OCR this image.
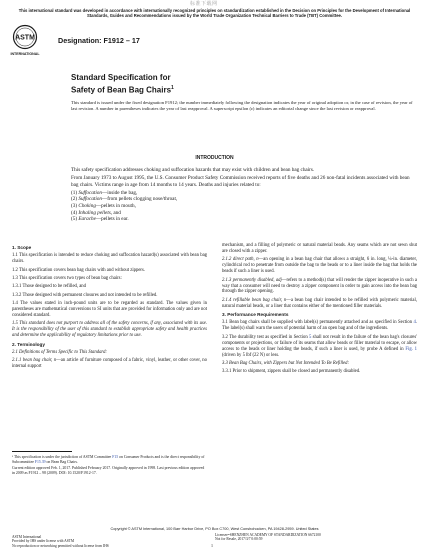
标准下载网
This international standard was developed in accordance with internationally recognized principles on standardization established in the Decision on Principles for the Development of International Standards, Guides and Recommendations issued by the World Trade Organization Technical Barriers to Trade (TBT) Committee.
ASTM
INTERNATIONAL
Designation: F1912 – 17
Standard Specification for
Safety of Bean Bag Chairs$^1$
This standard is issued under the fixed designation F1912; the number immediately following the designation indicates the year of original adoption or, in the case of revision, the year of last revision. A number in parentheses indicates the year of last reapproval. A superscript epsilon (ε) indicates an editorial change since the last revision or reapproval.
INTRODUCTION

This safety specification addresses choking and suffocation hazards that may exist with children and bean bag chairs.

From January 1973 to August 1995, the U.S. Consumer Product Safety Commission received reports of five deaths and 26 non-fatal incidents associated with bean bag chairs. Victims range in age from 14 months to 14 years. Deaths and injuries related to:

(1) Suffocation—inside the bag,
(2) Suffocation—from pellets clogging nose/throat,
(3) Choking—pellets in mouth,
(4) Inhaling pellets, and
(5) Earache—pellets in ear.
1. Scope

1.1 This specification is intended to reduce choking and suffocation hazard(s) associated with bean bag chairs.

1.2 This specification covers bean bag chairs with and without zippers.

1.3 This specification covers two types of bean bag chairs:

1.3.1 Those designed to be refilled, and

1.3.2 Those designed with permanent closures and not intended to be refilled.

1.4 The values stated in inch-pound units are to be regarded as standard. The values given in parentheses are mathematical conversions to SI units that are provided for information only and are not considered standard.

1.5 This standard does not purport to address all of the safety concerns, if any, associated with its use. It is the responsibility of the user of this standard to establish appropriate safety and health practices and determine the applicability of regulatory limitations prior to use.

2. Terminology

2.1 Definitions of Terms Specific to This Standard:

2.1.1 bean bag chair, n—an article of furniture composed of a fabric, vinyl, leather, or other cover, no internal support

mechanism, and a filling of polymeric or natural material beads. Any seams which are not sewn shut are closed with a zipper.

2.1.2 direct path, n—an opening in a bean bag chair that allows a straight, 6 in. long, ¼-in. diameter, cylindrical rod to penetrate from outside the bag to the beads or to a liner inside the bag that holds the beads if such a liner is used.

2.1.3 permanently disabled, adj—refers to a method(s) that will render the zipper inoperative in such a way that a consumer will need to destroy a zipper component in order to gain access into the bean bag through the zipper opening.

2.1.4 refillable bean bag chair, n—a bean bag chair intended to be refilled with polymeric material, natural material beads, or a liner that contains either of the mentioned filler materials.

3. Performance Requirements

3.1 Bean bag chairs shall be supplied with label(s) permanently attached and as specified in Section 4. The label(s) shall warn the users of potential harm of an open bag and of the ingredients.

3.2 The durability test as specified in Section 5 shall not result in the failure of the bean bag's closures' components or projections, or failure of its seams that allow beads or filler material to escape, or allow access to the beads or liner holding the beads, if such a liner is used, by probe A defined in Fig. 1 (driven by 5 lbf (22 N) or less.

3.3 Bean Bag Chairs, with Zippers but Not Intended To Be Refilled:

3.3.1 Prior to shipment, zippers shall be closed and permanently disabled.

¹ This specification is under the jurisdiction of ASTM Committee F15 on Consumer Products and is the direct responsibility of Subcommittee F15.39 on Bean Bag Chairs.

Current edition approved Feb. 1, 2017. Published February 2017. Originally approved in 1998. Last previous edition approved in 2009 as F1912 – 98 (2009). DOI: 10.1520/F1912-17.

Copyright © ASTM International, 100 Barr Harbor Drive, PO Box C700, West Conshohocken, PA 19428-2959. United States
ASTM International
Provided by IHS under license with ASTM
No reproduction or networking permitted without license from IHS
Licensee=SHENZHEN ACADEMY OF STANDARDIZATION 6672100
Not for Resale, 2017/3/7 0:00:59
1
